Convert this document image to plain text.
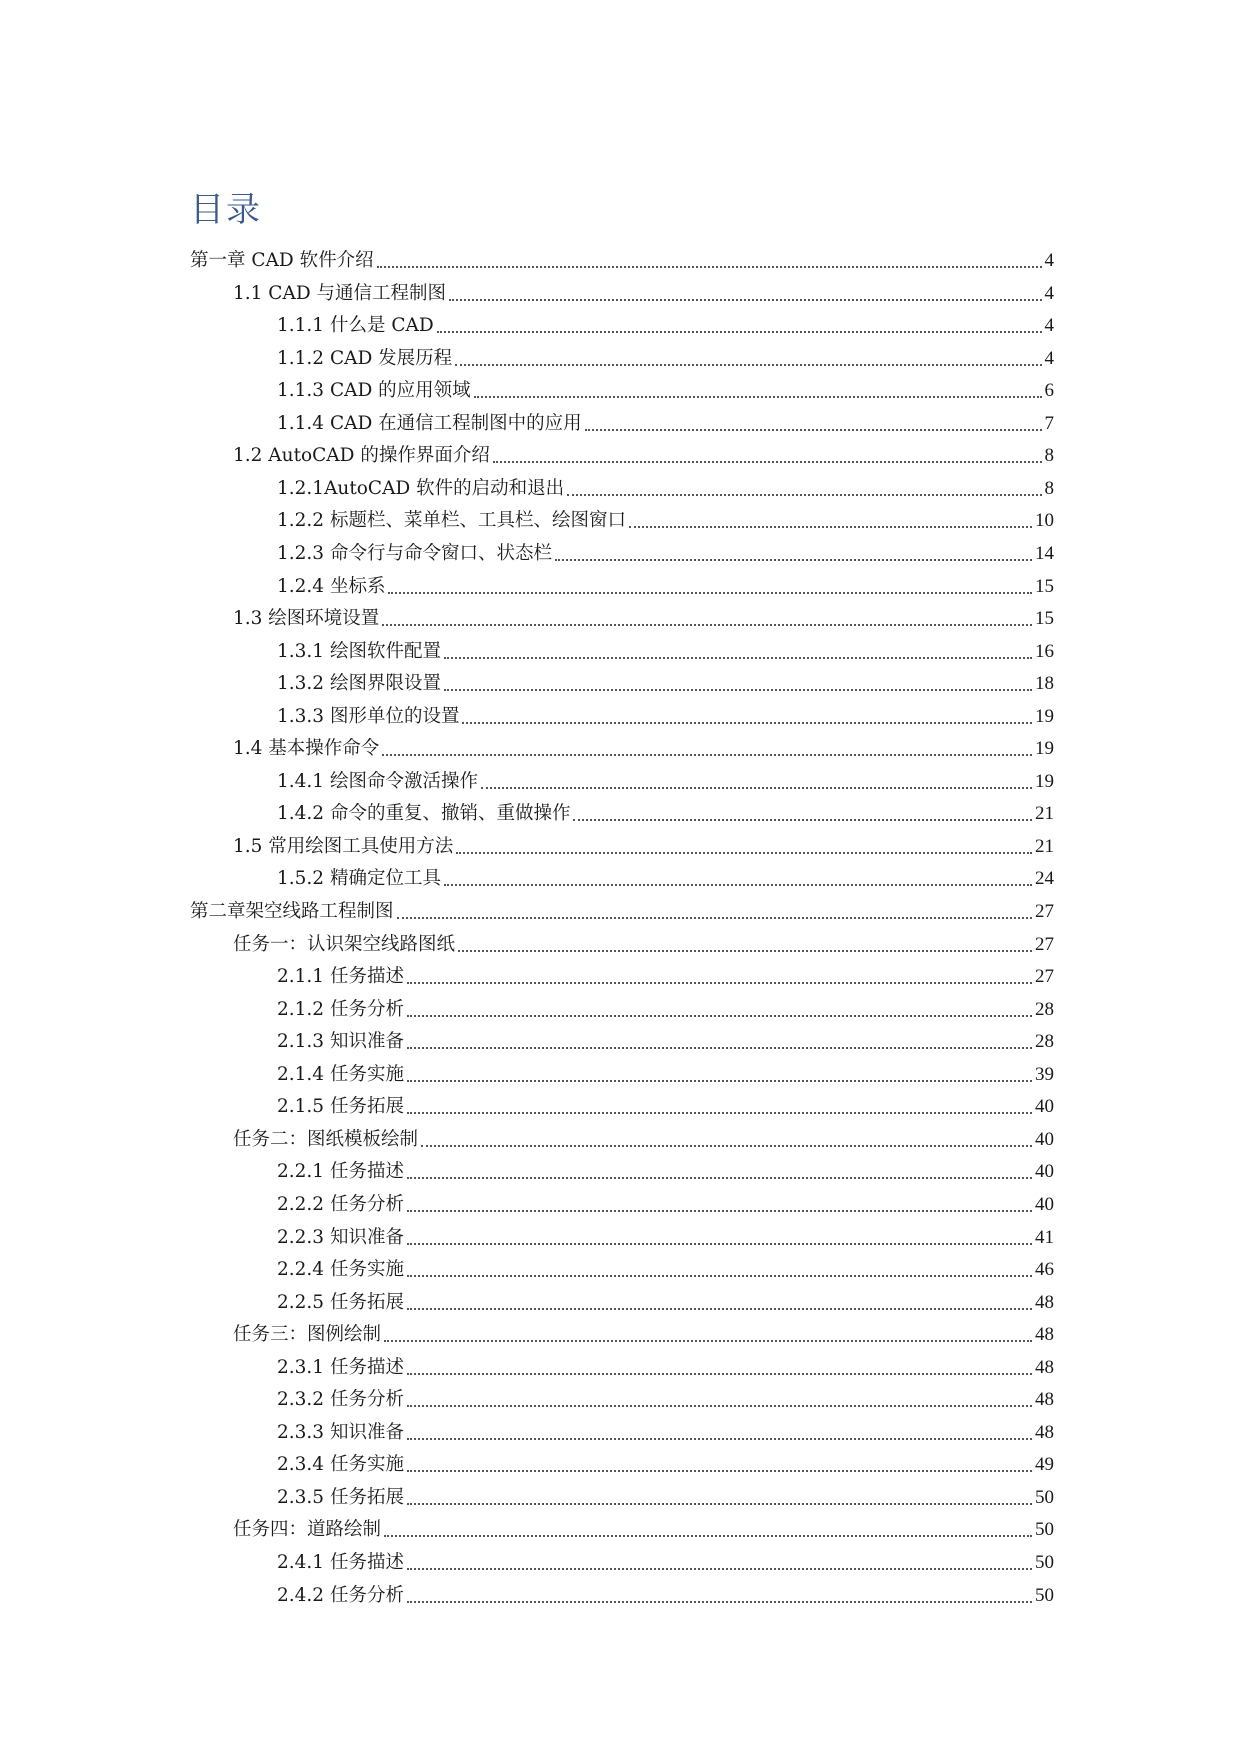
目录
第一章 CAD 软件介绍	4
1.1 CAD 与通信工程制图	4
1.1.1 什么是 CAD	4
1.1.2 CAD 发展历程	4
1.1.3 CAD 的应用领域	6
1.1.4 CAD 在通信工程制图中的应用	7
1.2 AutoCAD 的操作界面介绍	8
1.2.1AutoCAD 软件的启动和退出	8
1.2.2 标题栏、菜单栏、工具栏、绘图窗口	10
1.2.3 命令行与命令窗口、状态栏	14
1.2.4 坐标系	15
1.3 绘图环境设置	15
1.3.1 绘图软件配置	16
1.3.2 绘图界限设置	18
1.3.3 图形单位的设置	19
1.4 基本操作命令	19
1.4.1 绘图命令激活操作	19
1.4.2 命令的重复、撤销、重做操作	21
1.5 常用绘图工具使用方法	21
1.5.2 精确定位工具	24
第二章架空线路工程制图	27
任务一：认识架空线路图纸	27
2.1.1 任务描述	27
2.1.2 任务分析	28
2.1.3 知识准备	28
2.1.4 任务实施	39
2.1.5 任务拓展	40
任务二：图纸模板绘制	40
2.2.1 任务描述	40
2.2.2 任务分析	40
2.2.3 知识准备	41
2.2.4 任务实施	46
2.2.5 任务拓展	48
任务三：图例绘制	48
2.3.1 任务描述	48
2.3.2 任务分析	48
2.3.3 知识准备	48
2.3.4 任务实施	49
2.3.5 任务拓展	50
任务四：道路绘制	50
2.4.1 任务描述	50
2.4.2 任务分析	50
